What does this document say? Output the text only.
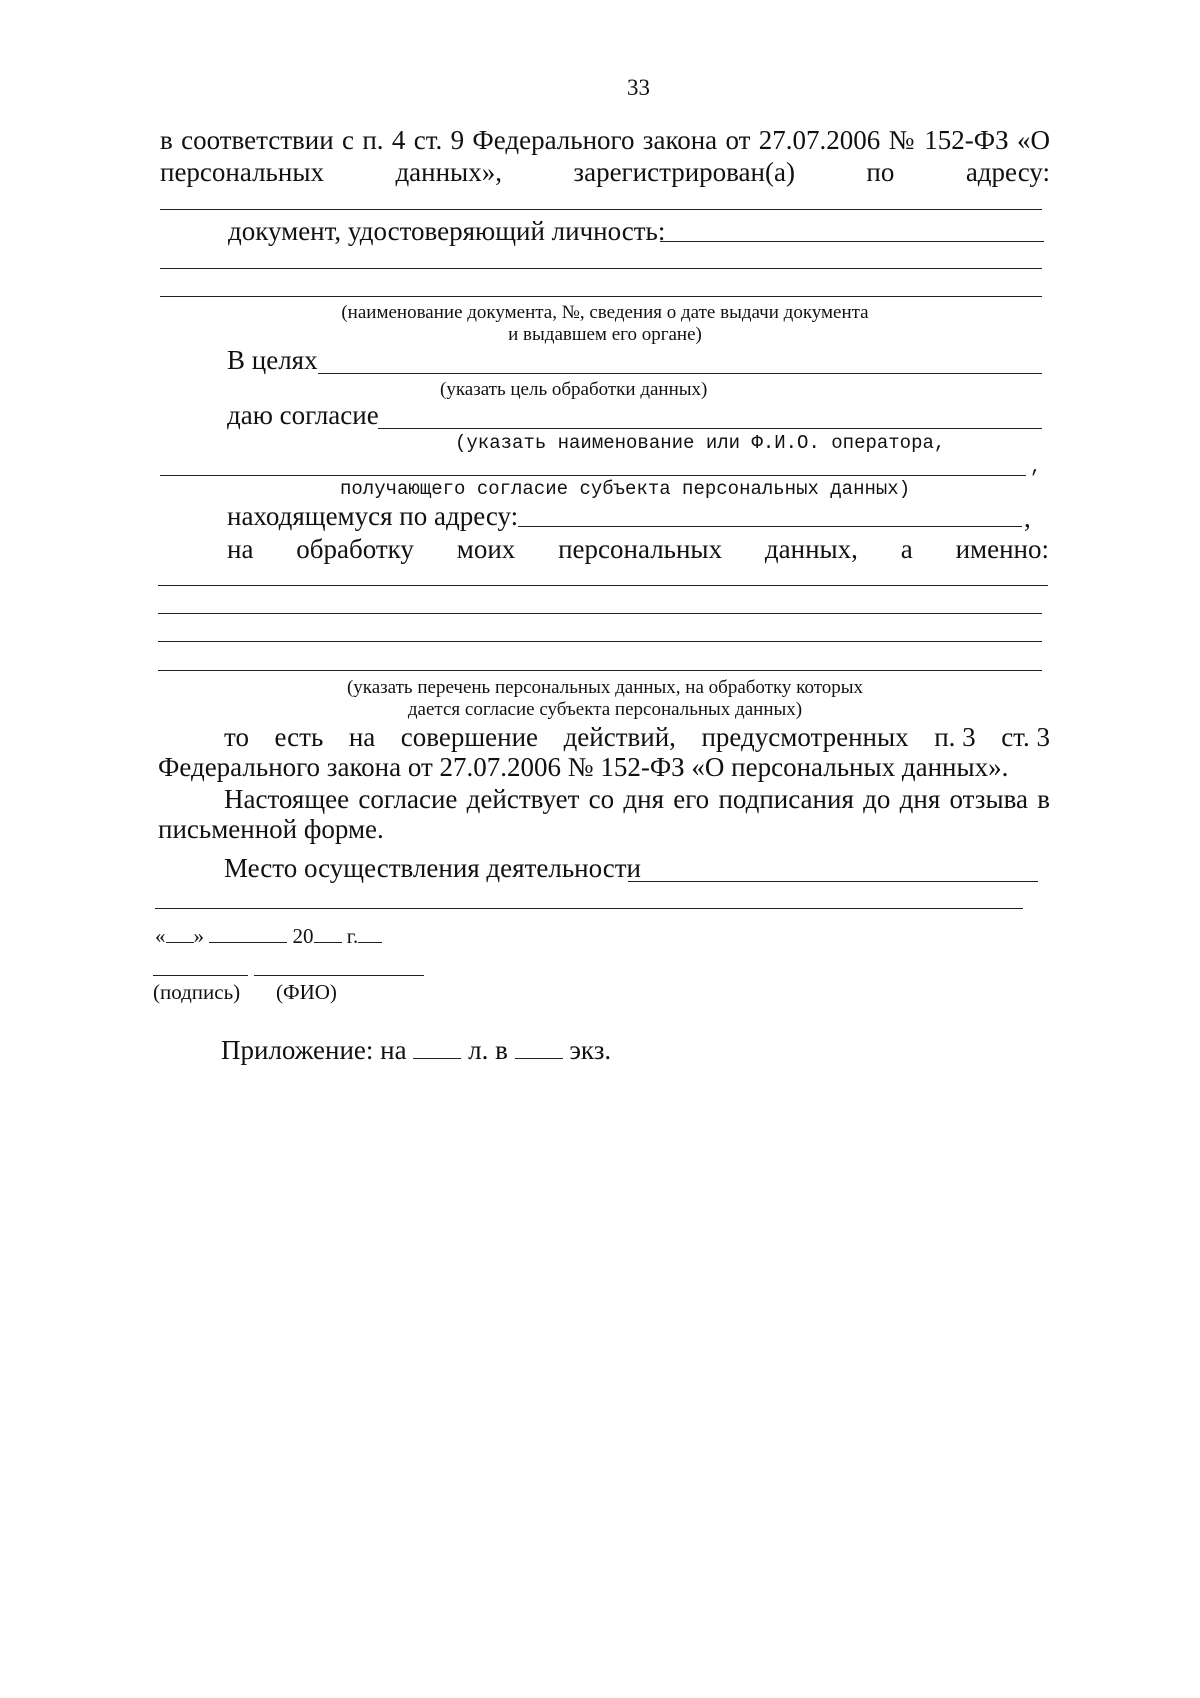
33
в соответствии с п. 4 ст. 9 Федерального закона от 27.07.2006 № 152-ФЗ «О
персональных	данных»,	зарегистрирован(а)	по	адресу:
документ, удостоверяющий личность:
(наименование документа, №, сведения о дате выдачи документа
и выдавшем его органе)
В целях
(указать цель обработки данных)
даю согласие
(указать наименование или Ф.И.О. оператора,
,
получающего согласие субъекта персональных данных)
находящемуся по адресу:	,
на обработку моих персональных данных, а именно:
(указать перечень персональных данных, на обработку которых
дается согласие субъекта персональных данных)
то есть на совершение действий, предусмотренных п. 3 ст. 3
Федерального закона от 27.07.2006 № 152-ФЗ «О персональных данных».
Настоящее согласие действует со дня его подписания до дня отзыва в
письменной форме.
Место осуществления деятельности
« »	20 г.
(подпись) (ФИО)
Приложение: на л. в экз.
